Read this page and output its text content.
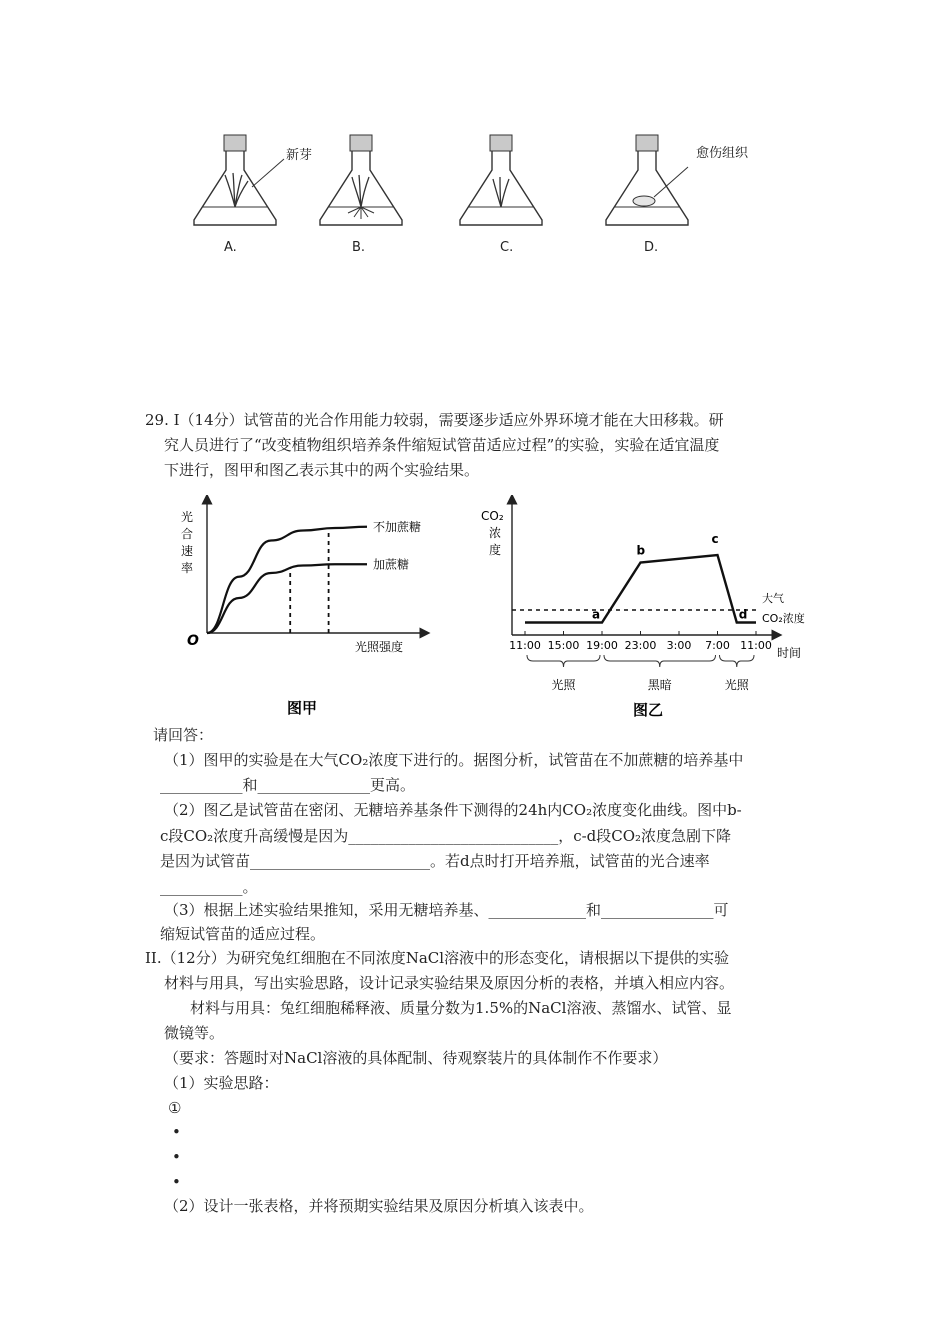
新芽	愈伤组织
A.	B.	C.	D.
29. I（14分）试管苗的光合作用能力较弱，需要逐步适应外界环境才能在大田移栽。研
究人员进行了“改变植物组织培养条件缩短试管苗适应过程”的实验，实验在适宜温度
下进行，图甲和图乙表示其中的两个实验结果。
光
合
速
率
O	光照强度
不加蔗糖
加蔗糖
图甲
CO₂
浓
度
11:00 15:00 19:00 23:00 3:00 7:00 11:00
大气
CO₂浓度
a
b
c
d
光照	黑暗	光照
时间
图乙
请回答：
（1）图甲的实验是在大气CO₂浓度下进行的。据图分析，试管苗在不加蔗糖的培养基中
___________和_______________更高。
（2）图乙是试管苗在密闭、无糖培养基条件下测得的24h内CO₂浓度变化曲线。图中b-
c段CO₂浓度升高缓慢是因为____________________________，c-d段CO₂浓度急剧下降
是因为试管苗________________________。若d点时打开培养瓶，试管苗的光合速率
___________。
（3）根据上述实验结果推知，采用无糖培养基、_____________和_______________可
缩短试管苗的适应过程。
II.（12分）为研究兔红细胞在不同浓度NaCl溶液中的形态变化，请根据以下提供的实验
材料与用具，写出实验思路，设计记录实验结果及原因分析的表格，并填入相应内容。
材料与用具：兔红细胞稀释液、质量分数为1.5%的NaCl溶液、蒸馏水、试管、显
微镜等。
（要求：答题时对NaCl溶液的具体配制、待观察装片的具体制作不作要求）
（1）实验思路：
①
•
•
•
（2）设计一张表格，并将预期实验结果及原因分析填入该表中。
